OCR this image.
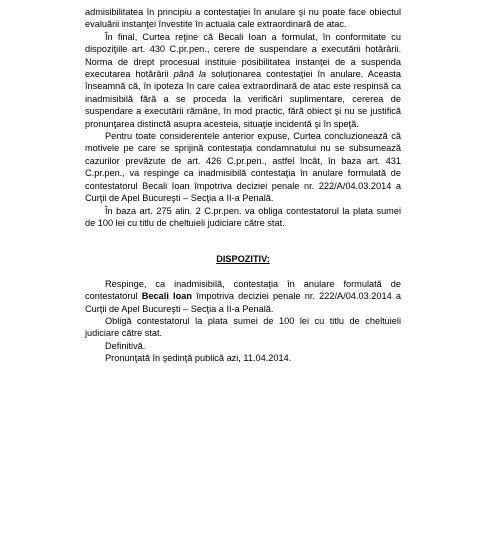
admisibilitatea în principiu a contestaţiei în anulare şi nu poate face obiectul evaluării instanţei învestite în actuala cale extraordinară de atac.

În final, Curtea reţine că Becali Ioan a formulat, în conformitate cu dispoziţiile art. 430 C.pr.pen., cerere de suspendare a executării hotărârii. Norma de drept procesual instituie posibilitatea instanţei de a suspenda executarea hotărârii până la soluţionarea contestaţiei în anulare. Aceasta înseamnă că, în ipoteza în care calea extraordinară de atac este respinsă ca inadmisibilă fără a se proceda la verificări suplimentare, cererea de suspendare a executării rămâne, în mod practic, fără obiect şi nu se justifică pronunţarea distinctă asupra acesteia, situaţie incidentă şi în speţă.

Pentru toate considerentele anterior expuse, Curtea concluzionează că motivele pe care se sprijină contestaţia condamnatului nu se subsumează cazurilor prevăzute de art. 426 C.pr.pen., astfel încât, în baza art. 431 C.pr.pen., va respinge ca inadmisibilă contestaţia în anulare formulată de contestatorul Becali Ioan împotriva deciziei penale nr. 222/A/04.03.2014 a Curţii de Apel Bucureşti – Secţia a II-a Penală.

În baza art. 275 alin. 2 C.pr.pen. va obliga contestatorul la plata sumei de 100 lei cu titlu de cheltuieli judiciare către stat.

DISPOZITIV:

Respinge, ca inadmisibilă, contestaţia în anulare formulată de contestatorul Becali Ioan împotriva deciziei penale nr. 222/A/04.03.2014 a Curţii de Apel Bucureşti – Secţia a II-a Penală.

Obligă contestatorul la plata sumei de 100 lei cu titlu de cheltuieli judiciare către stat.

Definitivă.

Pronunţată în şedinţă publică azi, 11.04.2014.
